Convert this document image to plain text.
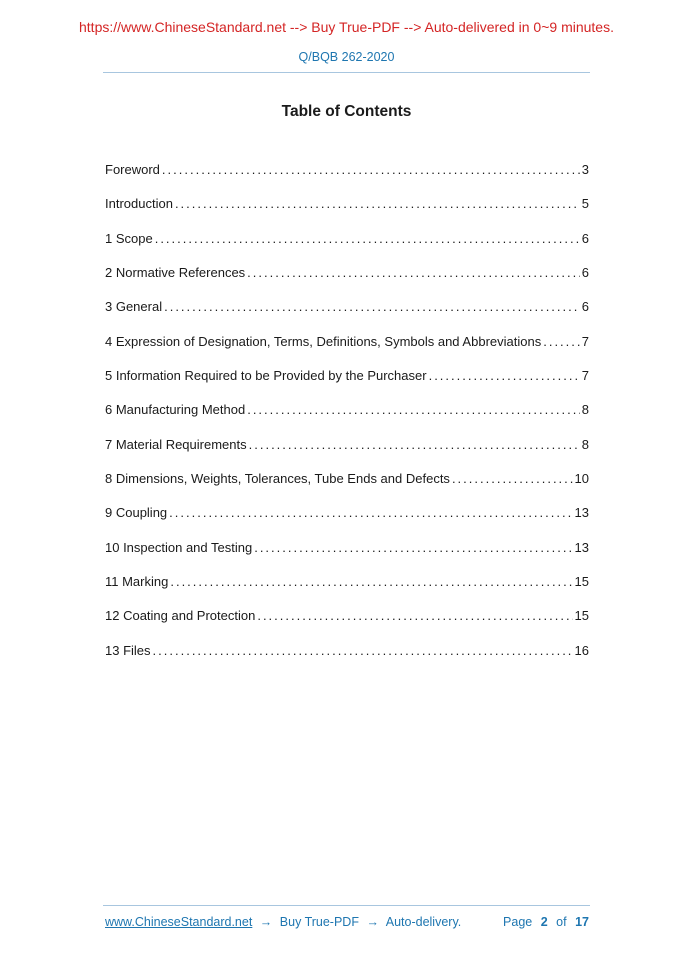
https://www.ChineseStandard.net --> Buy True-PDF --> Auto-delivered in 0~9 minutes.
Q/BQB 262-2020
Table of Contents
Foreword .....	3
Introduction .....	5
1 Scope .....	6
2 Normative References .....	6
3 General .....	6
4 Expression of Designation, Terms, Definitions, Symbols and Abbreviations .....	7
5 Information Required to be Provided by the Purchaser .....	7
6 Manufacturing Method .....	8
7 Material Requirements .....	8
8 Dimensions, Weights, Tolerances, Tube Ends and Defects .....	10
9 Coupling .....	13
10 Inspection and Testing .....	13
11 Marking .....	15
12 Coating and Protection .....	15
13 Files .....	16
www.ChineseStandard.net → Buy True-PDF → Auto-delivery.	Page 2 of 17
